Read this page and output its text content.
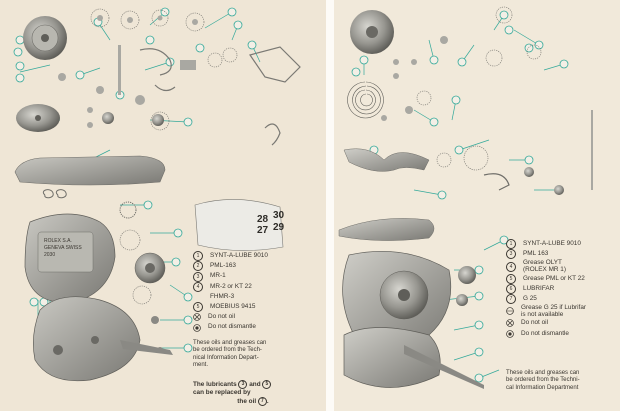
30
29
27
28
ROLEX S.A.
GENEVA SWISS
2030	1	SYNT-A-LUBE 9010
2	PML-163
3	MR-1
4	MR-2 or KT 22
FHMR-3
5	MOEBIUS 9415
Do not oil
Do not dismantle
These oils and greases can
be ordered from the Tech-
nical Information Depart-
ment.
The lubricants 3 and 5
can be replaced by
the oil 7 .
1	SYNT-A-LUBE 9010
3	PML 163
4
Grease OLYT
(ROLEX MR 1)
5	Grease PML or KT 22
6	LUBRIFAR
7	G 25
Grease G 25 if Lubrifar
is not available
Do not oil
Do not dismantle
These oils and greases can
be ordered from the Techni-
cal Information Department
